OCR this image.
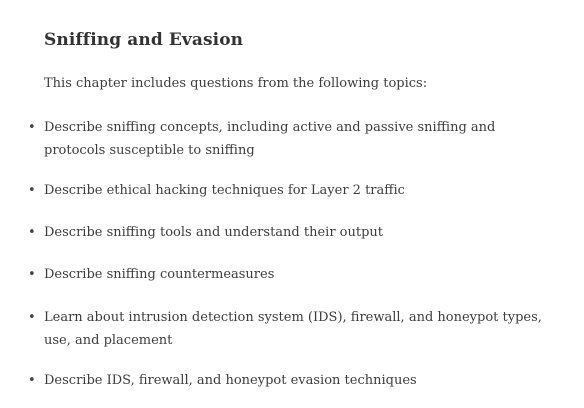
Sniffing and Evasion

This chapter includes questions from the following topics:

• Describe sniffing concepts, including active and passive sniffing and protocols susceptible to sniffing
• Describe ethical hacking techniques for Layer 2 traffic
• Describe sniffing tools and understand their output
• Describe sniffing countermeasures
• Learn about intrusion detection system (IDS), firewall, and honeypot types, use, and placement
• Describe IDS, firewall, and honeypot evasion techniques
